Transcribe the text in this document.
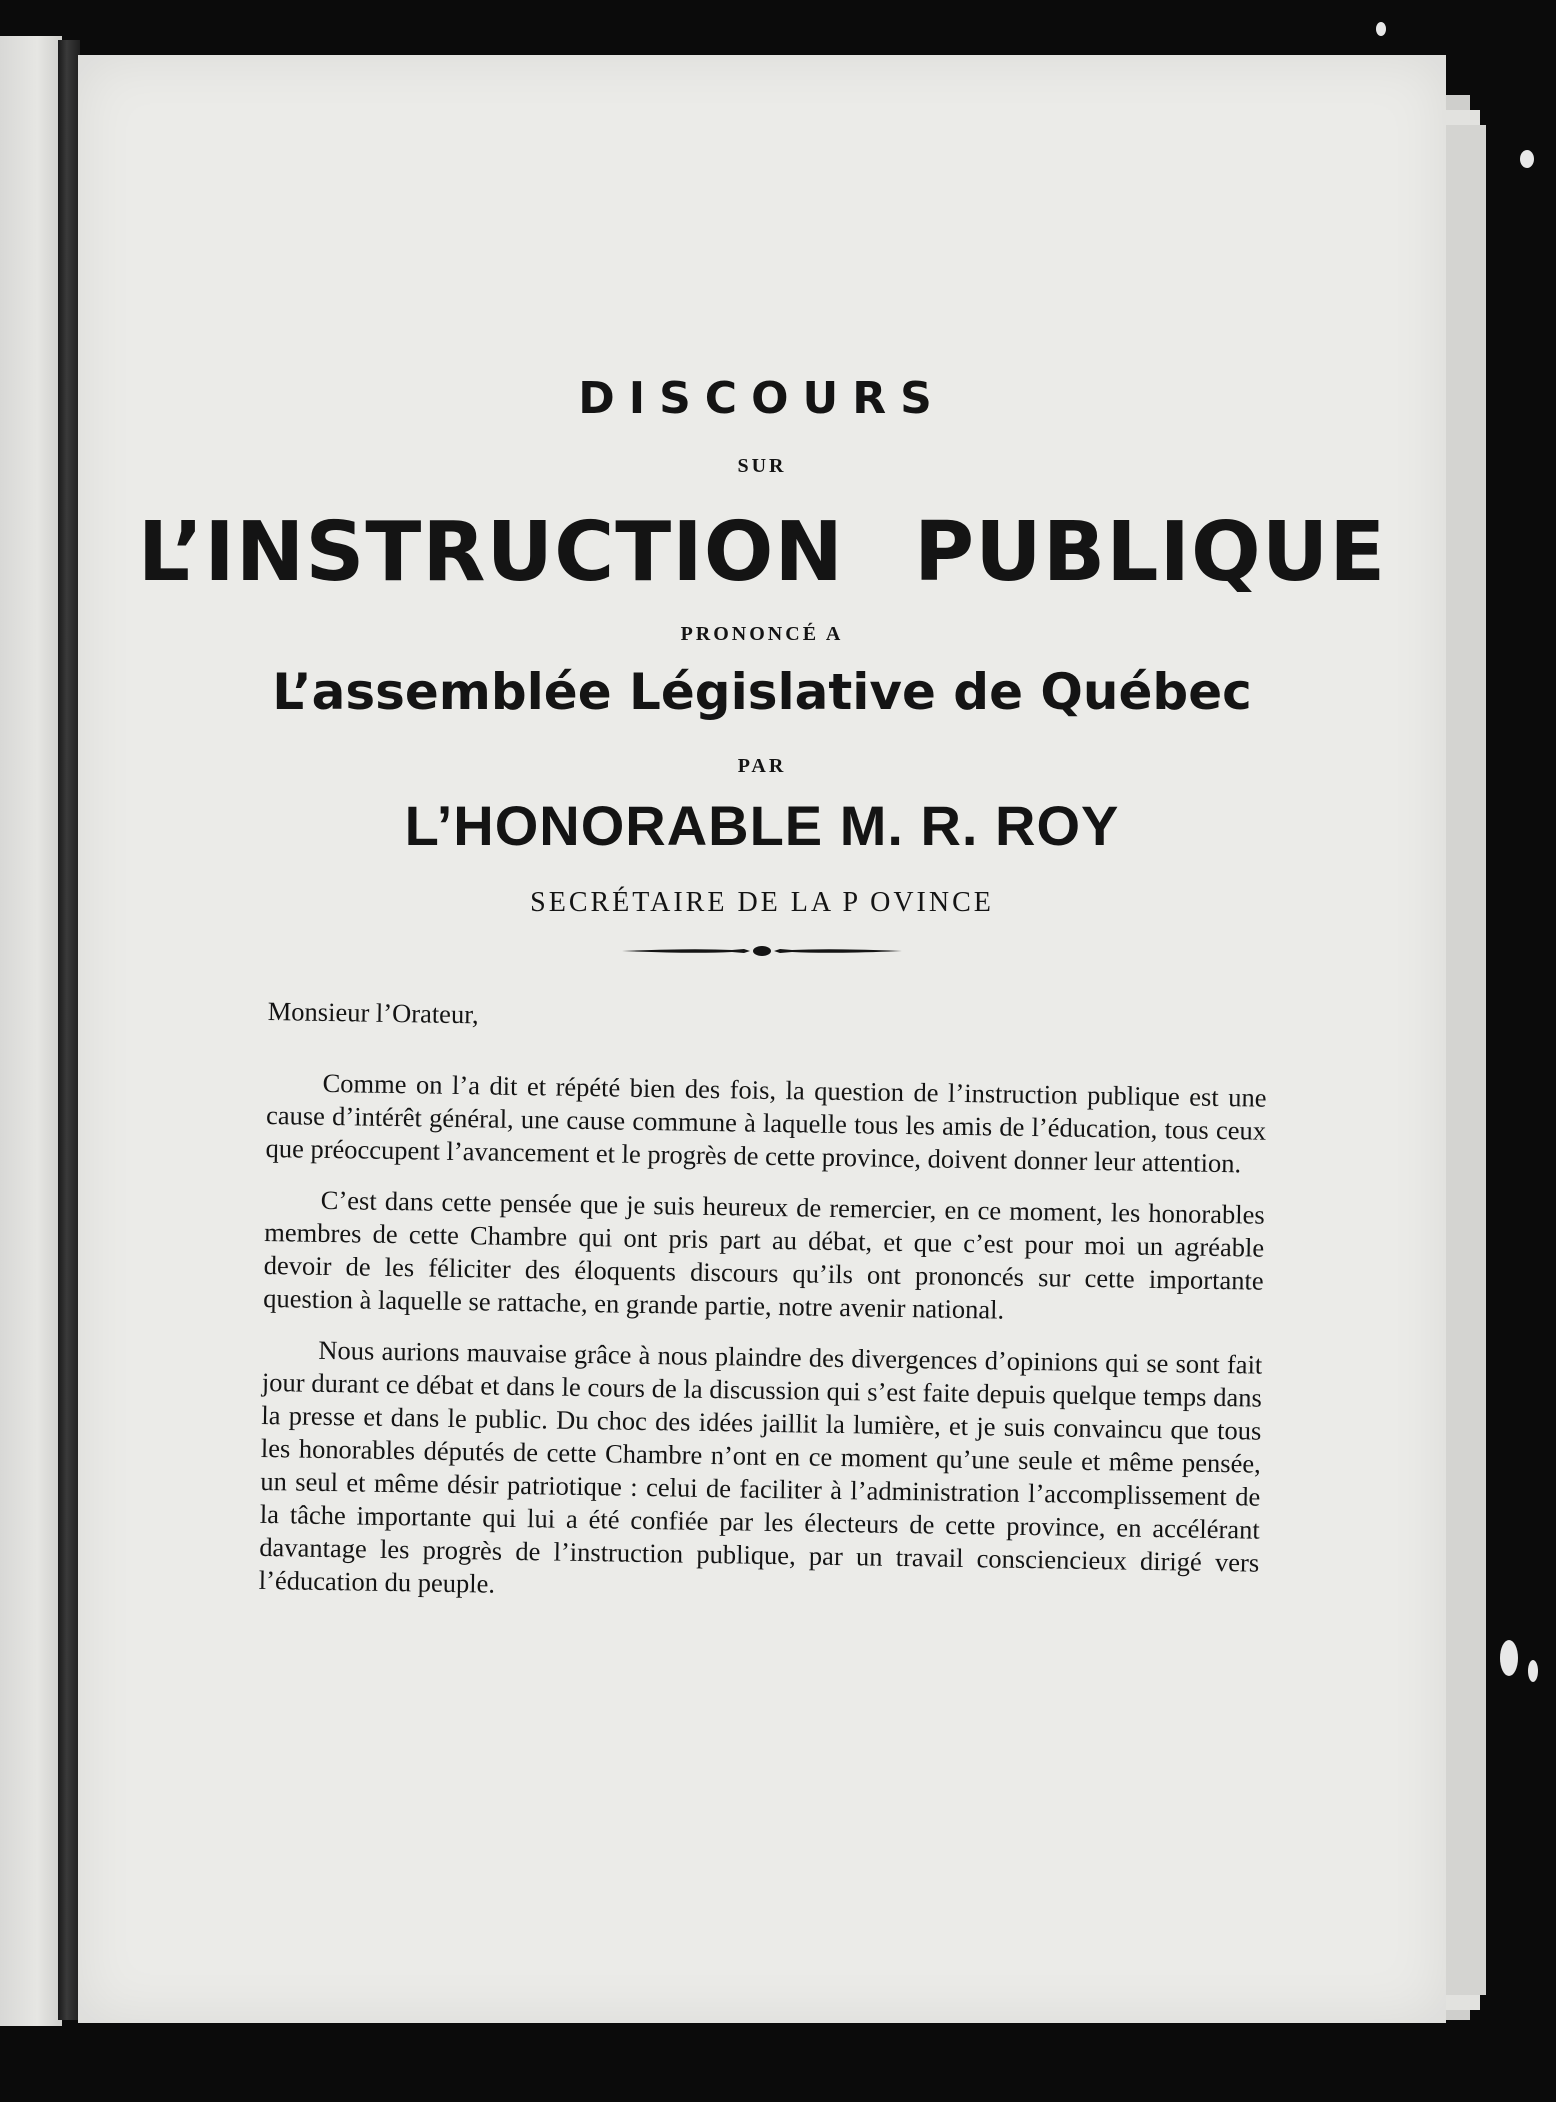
DISCOURS
SUR
L’INSTRUCTION PUBLIQUE
PRONONCÉ A
L’assemblée Législative de Québec
PAR
L’HONORABLE M. R. ROY
SECRÉTAIRE DE LA P OVINCE

Monsieur l’Orateur,

Comme on l’a dit et répété bien des fois, la question de l’instruction publique est une cause d’intérêt général, une cause commune à laquelle tous les amis de l’éducation, tous ceux que préoccupent l’avancement et le progrès de cette province, doivent donner leur attention.

C’est dans cette pensée que je suis heureux de remercier, en ce moment, les honorables membres de cette Chambre qui ont pris part au débat, et que c’est pour moi un agréable devoir de les féliciter des éloquents discours qu’ils ont prononcés sur cette importante question à laquelle se rattache, en grande partie, notre avenir national.

Nous aurions mauvaise grâce à nous plaindre des divergences d’opinions qui se sont fait jour durant ce débat et dans le cours de la discussion qui s’est faite depuis quelque temps dans la presse et dans le public. Du choc des idées jaillit la lumière, et je suis convaincu que tous les honorables députés de cette Chambre n’ont en ce moment qu’une seule et même pensée, un seul et même désir patriotique : celui de faciliter à l’administration l’accomplissement de la tâche importante qui lui a été confiée par les électeurs de cette province, en accélérant davantage les progrès de l’instruction publique, par un travail consciencieux dirigé vers l’éducation du peuple.
